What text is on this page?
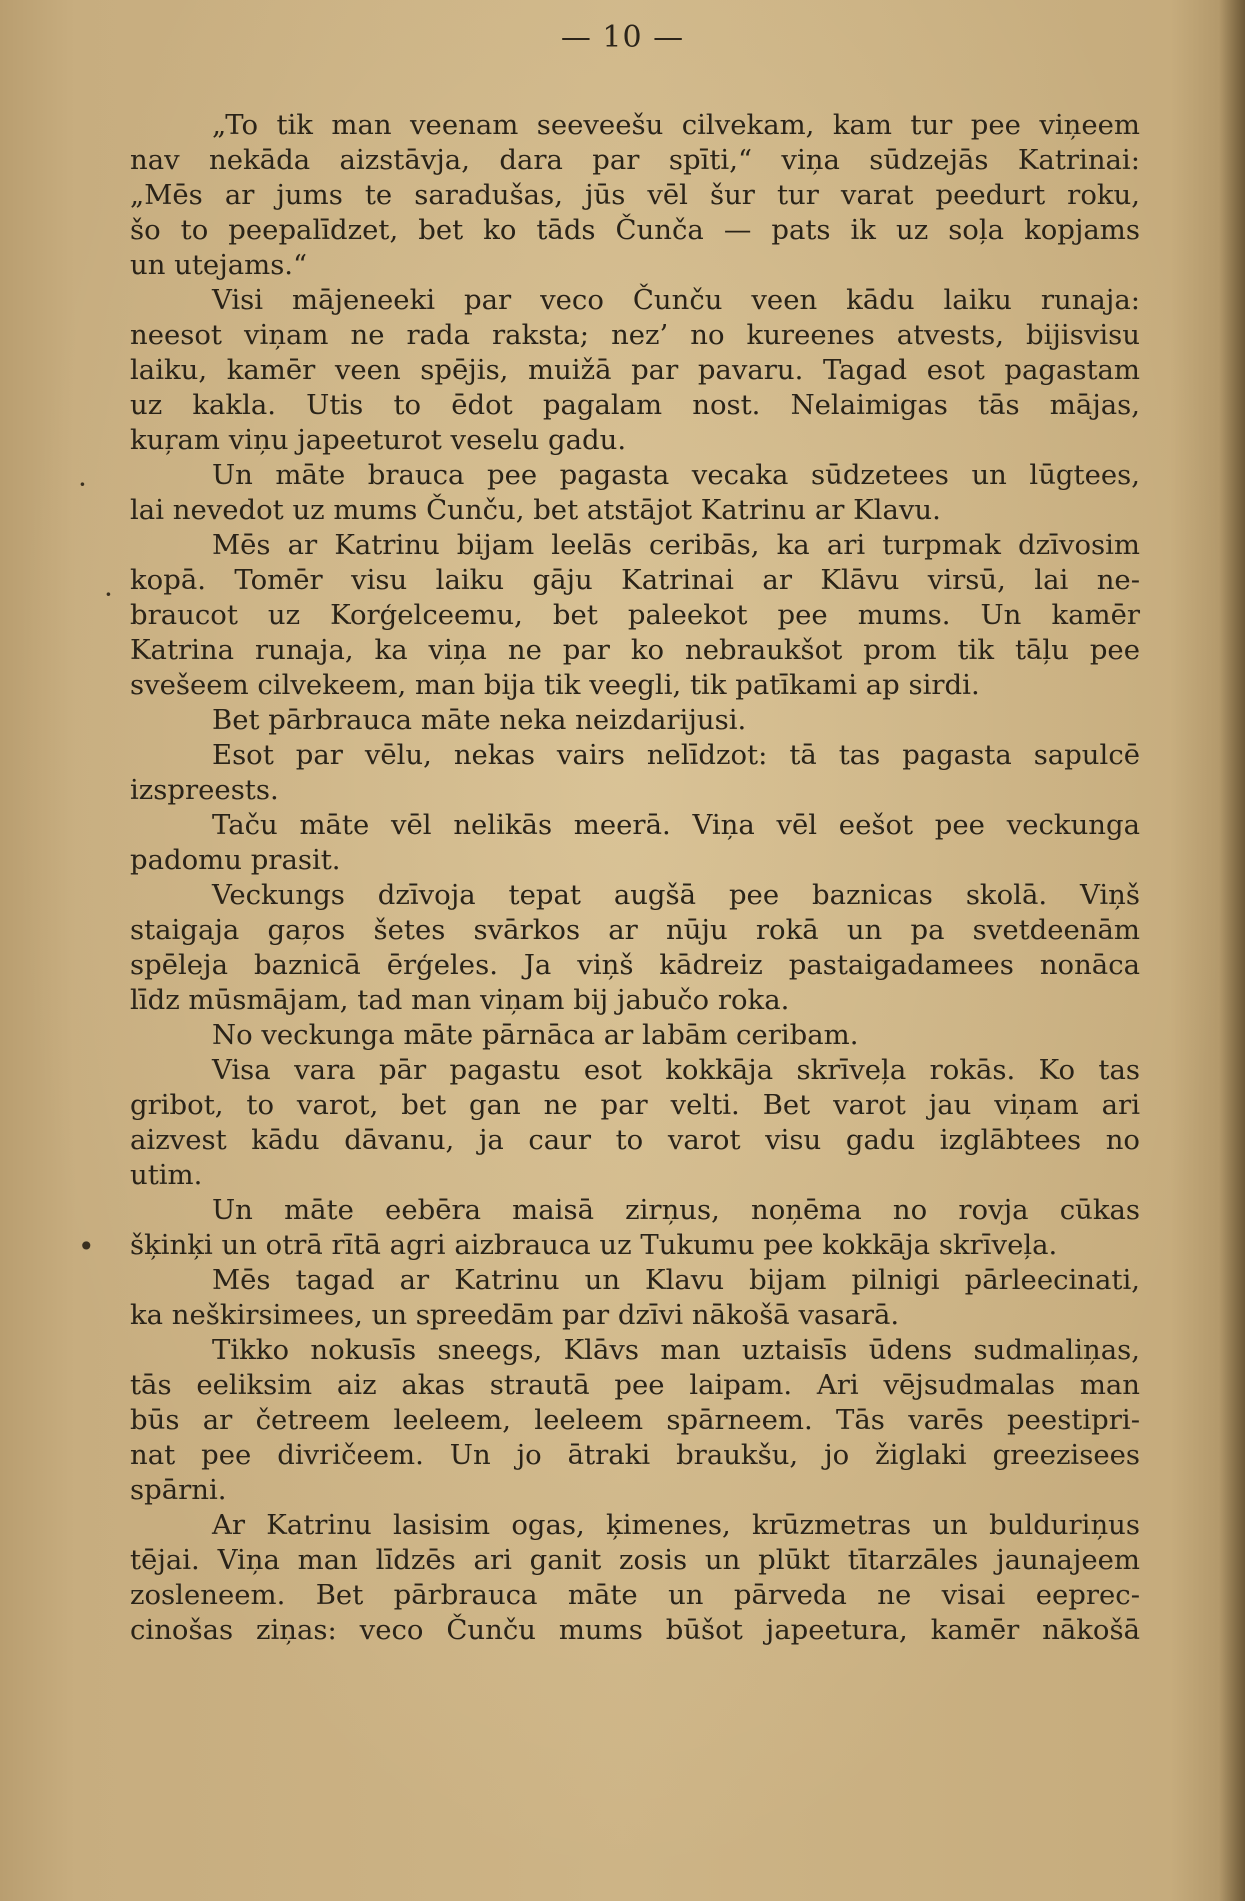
— 10 —
„To tik man veenam seeveešu cilvekam, kam tur pee viņeem
nav nekāda aizstāvja, dara par spīti,“ viņa sūdzejās Katrinai:
„Mēs ar jums te saradušas, jūs vēl šur tur varat peedurt roku,
šo to peepalīdzet, bet ko tāds Čunča — pats ik uz soļa kopjams
un utejams.“
Visi mājeneeki par veco Čunču veen kādu laiku runaja:
neesot viņam ne rada raksta; nez’ no kureenes atvests, bijisvisu
laiku, kamēr veen spējis, muižā par pavaru. Tagad esot pagastam
uz kakla. Utis to ēdot pagalam nost. Nelaimigas tās mājas,
kuŗam viņu japeeturot veselu gadu.
Un māte brauca pee pagasta vecaka sūdzetees un lūgtees,
lai nevedot uz mums Čunču, bet atstājot Katrinu ar Klavu.
Mēs ar Katrinu bijam leelās ceribās, ka ari turpmak dzīvosim
kopā. Tomēr visu laiku gāju Katrinai ar Klāvu virsū, lai ne-
braucot uz Korģelceemu, bet paleekot pee mums. Un kamēr
Katrina runaja, ka viņa ne par ko nebraukšot prom tik tāļu pee
svešeem cilvekeem, man bija tik veegli, tik patīkami ap sirdi.
Bet pārbrauca māte neka neizdarijusi.
Esot par vēlu, nekas vairs nelīdzot: tā tas pagasta sapulcē
izspreests.
Taču māte vēl nelikās meerā. Viņa vēl eešot pee veckunga
padomu prasit.
Veckungs dzīvoja tepat augšā pee baznicas skolā. Viņš
staigaja gaŗos šetes svārkos ar nūju rokā un pa svetdeenām
spēleja baznicā ērģeles. Ja viņš kādreiz pastaigadamees nonāca
līdz mūsmājam, tad man viņam bij jabučo roka.
No veckunga māte pārnāca ar labām ceribam.
Visa vara pār pagastu esot kokkāja skrīveļa rokās. Ko tas
gribot, to varot, bet gan ne par velti. Bet varot jau viņam ari
aizvest kādu dāvanu, ja caur to varot visu gadu izglābtees no
utim.
Un māte eebēra maisā zirņus, noņēma no rovja cūkas
šķinķi un otrā rītā agri aizbrauca uz Tukumu pee kokkāja skrīveļa.
Mēs tagad ar Katrinu un Klavu bijam pilnigi pārleecinati,
ka neškirsimees, un spreedām par dzīvi nākošā vasarā.
Tikko nokusīs sneegs, Klāvs man uztaisīs ūdens sudmaliņas,
tās eeliksim aiz akas strautā pee laipam. Ari vējsudmalas man
būs ar četreem leeleem, leeleem spārneem. Tās varēs peestipri-
nat pee divričeem. Un jo ātraki braukšu, jo žiglaki greezisees
spārni.
Ar Katrinu lasisim ogas, ķimenes, krūzmetras un bulduriņus
tējai. Viņa man līdzēs ari ganit zosis un plūkt tītarzāles jaunajeem
zosleneem. Bet pārbrauca māte un pārveda ne visai eeprec-
cinošas ziņas: veco Čunču mums būšot japeetura, kamēr nākošā
·
·
•
